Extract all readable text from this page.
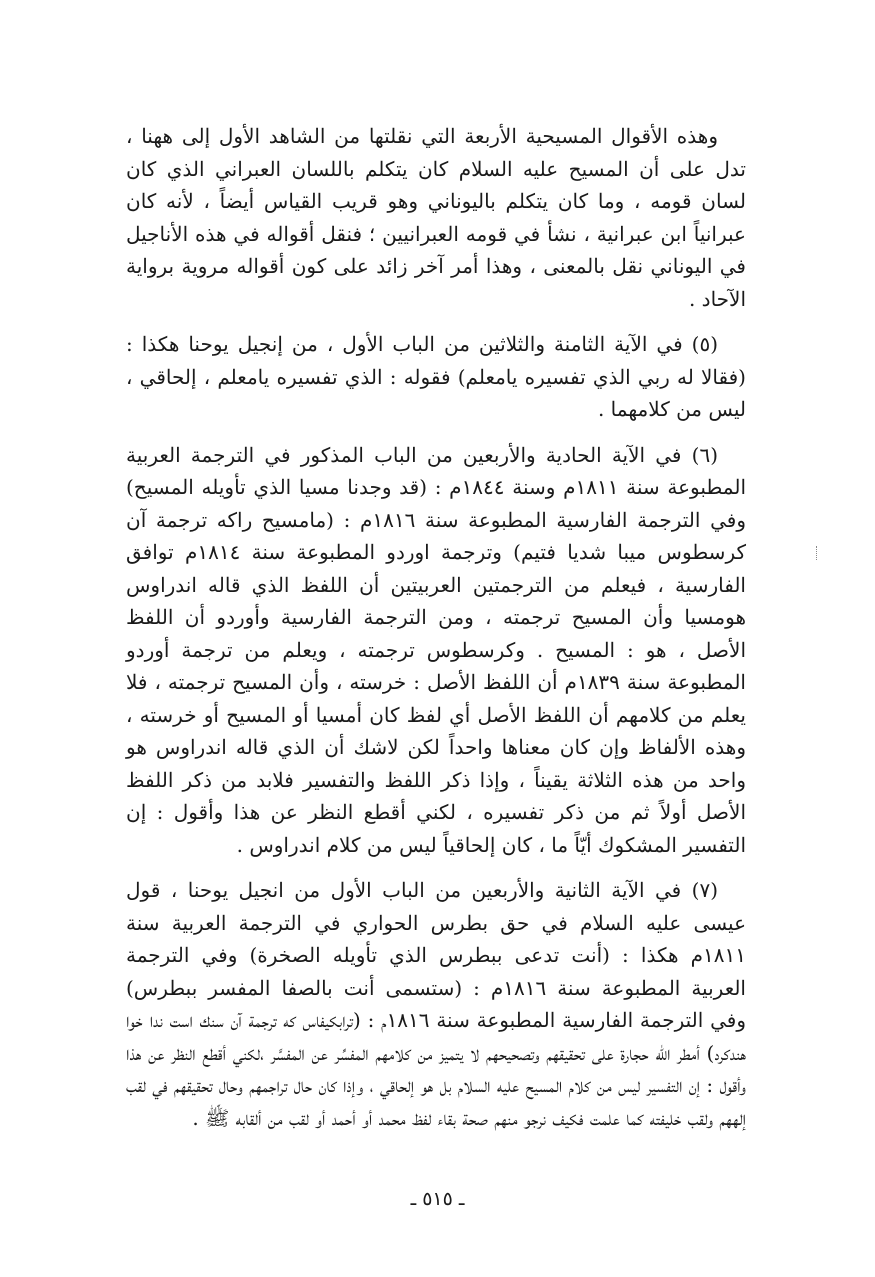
وهذه الأقوال المسيحية الأربعة التي نقلتها من الشاهد الأول إلى ههنا ، تدل على أن المسيح عليه السلام كان يتكلم باللسان العبراني الذي كان لسان قومه ، وما كان يتكلم باليوناني وهو قريب القياس أيضاً ، لأنه كان عبرانياً ابن عبرانية ، نشأ في قومه العبرانيين ؛ فنقل أقواله في هذه الأناجيل في اليوناني نقل بالمعنى ، وهذا أمر آخر زائد على كون أقواله مروية برواية الآحاد .

(٥) في الآية الثامنة والثلاثين من الباب الأول ، من إنجيل يوحنا هكذا : (فقالا له ربي الذي تفسيره يامعلم) فقوله : الذي تفسيره يامعلم ، إلحاقي ، ليس من كلامهما .

(٦) في الآية الحادية والأربعين من الباب المذكور في الترجمة العربية المطبوعة سنة ١٨١١م وسنة ١٨٤٤م : (قد وجدنا مسيا الذي تأويله المسيح) وفي الترجمة الفارسية المطبوعة سنة ١٨١٦م : (مامسيح راكه ترجمة آن كرسطوس ميبا شديا فتيم) وترجمة اوردو المطبوعة سنة ١٨١٤م توافق الفارسية ، فيعلم من الترجمتين العربيتين أن اللفظ الذي قاله اندراوس هومسيا وأن المسيح ترجمته ، ومن الترجمة الفارسية وأوردو أن اللفظ الأصل ، هو : المسيح . وكرسطوس ترجمته ، ويعلم من ترجمة أوردو المطبوعة سنة ١٨٣٩م أن اللفظ الأصل : خرسته ، وأن المسيح ترجمته ، فلا يعلم من كلامهم أن اللفظ الأصل أي لفظ كان أمسيا أو المسيح أو خرسته ، وهذه الألفاظ وإن كان معناها واحداً لكن لاشك أن الذي قاله اندراوس هو واحد من هذه الثلاثة يقيناً ، وإذا ذكر اللفظ والتفسير فلابد من ذكر اللفظ الأصل أولاً ثم من ذكر تفسيره ، لكني أقطع النظر عن هذا وأقول : إن التفسير المشكوك أيّاً ما ، كان إلحاقياً ليس من كلام اندراوس .

(٧) في الآية الثانية والأربعين من الباب الأول من انجيل يوحنا ، قول عيسى عليه السلام في حق بطرس الحواري في الترجمة العربية سنة ١٨١١م هكذا : (أنت تدعى ببطرس الذي تأويله الصخرة) وفي الترجمة العربية المطبوعة سنة ١٨١٦م : (ستسمى أنت بالصفا المفسر ببطرس) وفي الترجمة الفارسية المطبوعة سنة ١٨١٦م : (ترابكيفاس كه ترجمة آن سنك است ندا خوا هندكرد) أمطر الله حجارة على تحقيقهم وتصحيحهم لا يتميز من كلامهم المفسِّر عن المفسَّر ،لكني أقطع النظر عن هذا وأقول : إن التفسير ليس من كلام المسيح عليه السلام بل هو إلحاقي ، وإذا كان حال تراجمهم وحال تحقيقهم في لقب إلههم ولقب خليفته كما علمت فكيف نرجو منهم صحة بقاء لفظ محمد أو أحمد أو لقب من ألقابه ﷺ .

ـ ٥١٥ ـ
